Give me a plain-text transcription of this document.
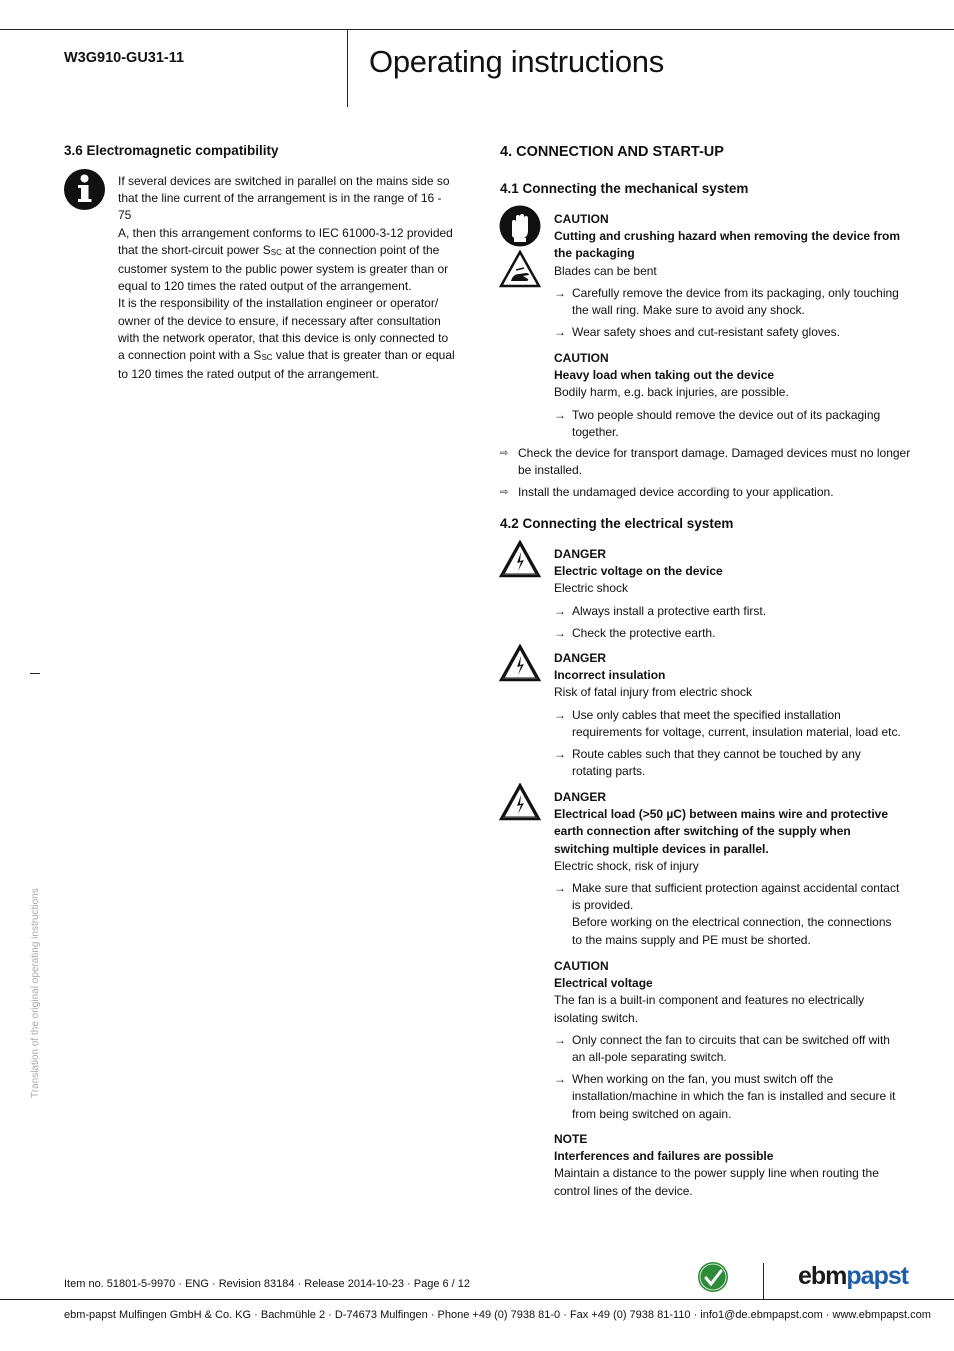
W3G910-GU31-11	Operating instructions
3.6 Electromagnetic compatibility
If several devices are switched in parallel on the mains side so
that the line current of the arrangement is in the range of 16 - 75
A, then this arrangement conforms to IEC 61000-3-12 provided
that the short-circuit power $S_{SC}$ at the connection point of the
customer system to the public power system is greater than or
equal to 120 times the rated output of the arrangement.
It is the responsibility of the installation engineer or operator/
owner of the device to ensure, if necessary after consultation
with the network operator, that this device is only connected to
a connection point with a $S_{SC}$ value that is greater than or equal
to 120 times the rated output of the arrangement.
Translation of the original operating instructions
4. CONNECTION AND START-UP
4.1 Connecting the mechanical system
CAUTION
Cutting and crushing hazard when removing the device from the packaging
Blades can be bent
→ Carefully remove the device from its packaging, only touching the wall ring. Make sure to avoid any shock.
→ Wear safety shoes and cut-resistant safety gloves.
CAUTION
Heavy load when taking out the device
Bodily harm, e.g. back injuries, are possible.
→ Two people should remove the device out of its packaging together.
⇨ Check the device for transport damage. Damaged devices must no longer be installed.
⇨ Install the undamaged device according to your application.
4.2 Connecting the electrical system
DANGER
Electric voltage on the device
Electric shock
→ Always install a protective earth first.
→ Check the protective earth.
DANGER
Incorrect insulation
Risk of fatal injury from electric shock
→ Use only cables that meet the specified installation requirements for voltage, current, insulation material, load etc.
→ Route cables such that they cannot be touched by any rotating parts.
DANGER
Electrical load (>50 µC) between mains wire and protective earth connection after switching of the supply when switching multiple devices in parallel.
Electric shock, risk of injury
→ Make sure that sufficient protection against accidental contact is provided.
Before working on the electrical connection, the connections to the mains supply and PE must be shorted.
CAUTION
Electrical voltage
The fan is a built-in component and features no electrically isolating switch.
→ Only connect the fan to circuits that can be switched off with an all-pole separating switch.
→ When working on the fan, you must switch off the installation/machine in which the fan is installed and secure it from being switched on again.
NOTE
Interferences and failures are possible
Maintain a distance to the power supply line when routing the control lines of the device.
Item no. 51801-5-9970 · ENG · Revision 83184 · Release 2014-10-23 · Page 6 / 12	ebmpapst
ebm-papst Mulfingen GmbH & Co. KG · Bachmühle 2 · D-74673 Mulfingen · Phone +49 (0) 7938 81-0 · Fax +49 (0) 7938 81-110 · info1@de.ebmpapst.com · www.ebmpapst.com
